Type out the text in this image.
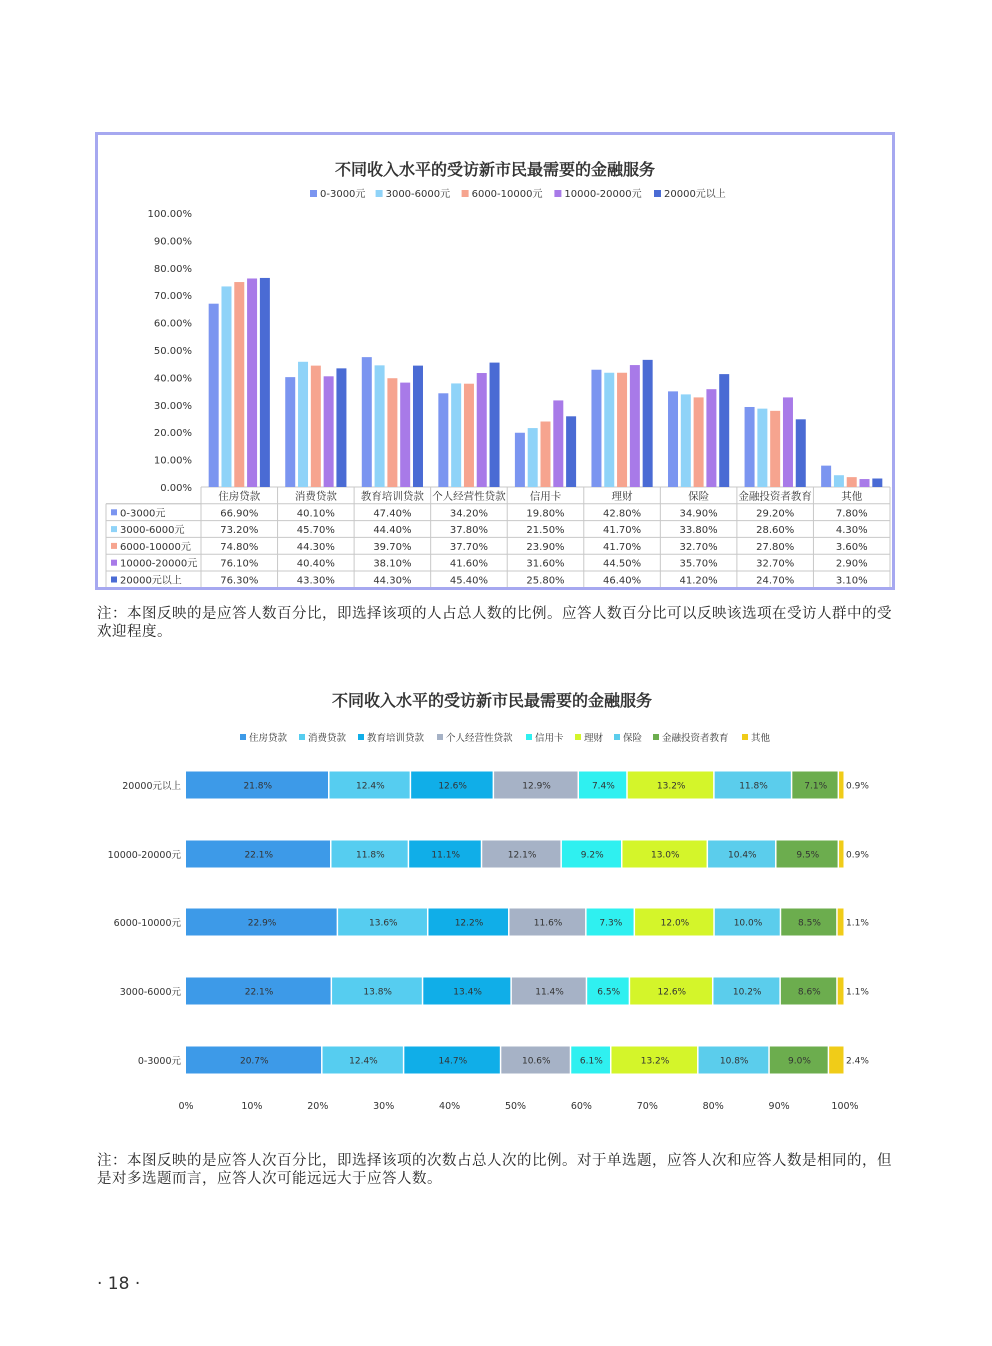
不同收入水平的受访新市民最需要的金融服务
0-3000元 3000-6000元 6000-10000元 10000-20000元 20000元以上
100.00%
90.00%
80.00%
70.00%
60.00%
50.00%
40.00%
30.00%
20.00%
10.00%
0.00%
住房贷款	消费贷款 教育培训贷款 个人经营性贷款 信用卡	理财	保险	金融投资者教育	其他
0-3000元	66.90%	40.10%	47.40%	34.20%	19.80%	42.80%	34.90%	29.20%	7.80%
3000-6000元	73.20%	45.70%	44.40%	37.80%	21.50%	41.70%	33.80%	28.60%	4.30%
6000-10000元	74.80%	44.30%	39.70%	37.70%	23.90%	41.70%	32.70%	27.80%	3.60%
10000-20000元 76.10%	40.40%	38.10%	41.60%	31.60%	44.50%	35.70%	32.70%	2.90%
20000元以上	76.30%	43.30%	44.30%	45.40%	25.80%	46.40%	41.20%	24.70%	3.10%
不同收入水平的受访新市民最需要的金融服务
住房贷款 消费贷款 教育培训贷款 个人经营性贷款 信用卡 理财 保险 金融投资者教育 其他
20000元以上	21.8%	12.4%	12.6%	12.9%	7.4%	13.2%	11.8%	7.1% 0.9%
10000-20000元	22.1%	11.8%	11.1%	12.1%	9.2%	13.0%	10.4%	9.5%	0.9%
6000-10000元	22.9%	13.6%	12.2%	11.6%	7.3%	12.0%	10.0%	8.5%	1.1%
3000-6000元	22.1%	13.8%	13.4%	11.4%	6.5%	12.6%	10.2%	8.6%	1.1%
0-3000元	20.7%	12.4%	14.7%	10.6%	6.1%	13.2%	10.8%	9.0%	2.4%
0%	10%	20%	30%	40%	50%	60%	70%	80%	90%	100%
注：本图反映的是应答人数百分比，即选择该项的人占总人数的比例。应答人数百分比可以反映该选项在受访人群中的受欢迎程度。
注：本图反映的是应答人次百分比，即选择该项的次数占总人次的比例。对于单选题，应答人次和应答人数是相同的，但是对多选题而言，应答人次可能远远大于应答人数。
· 18 ·
